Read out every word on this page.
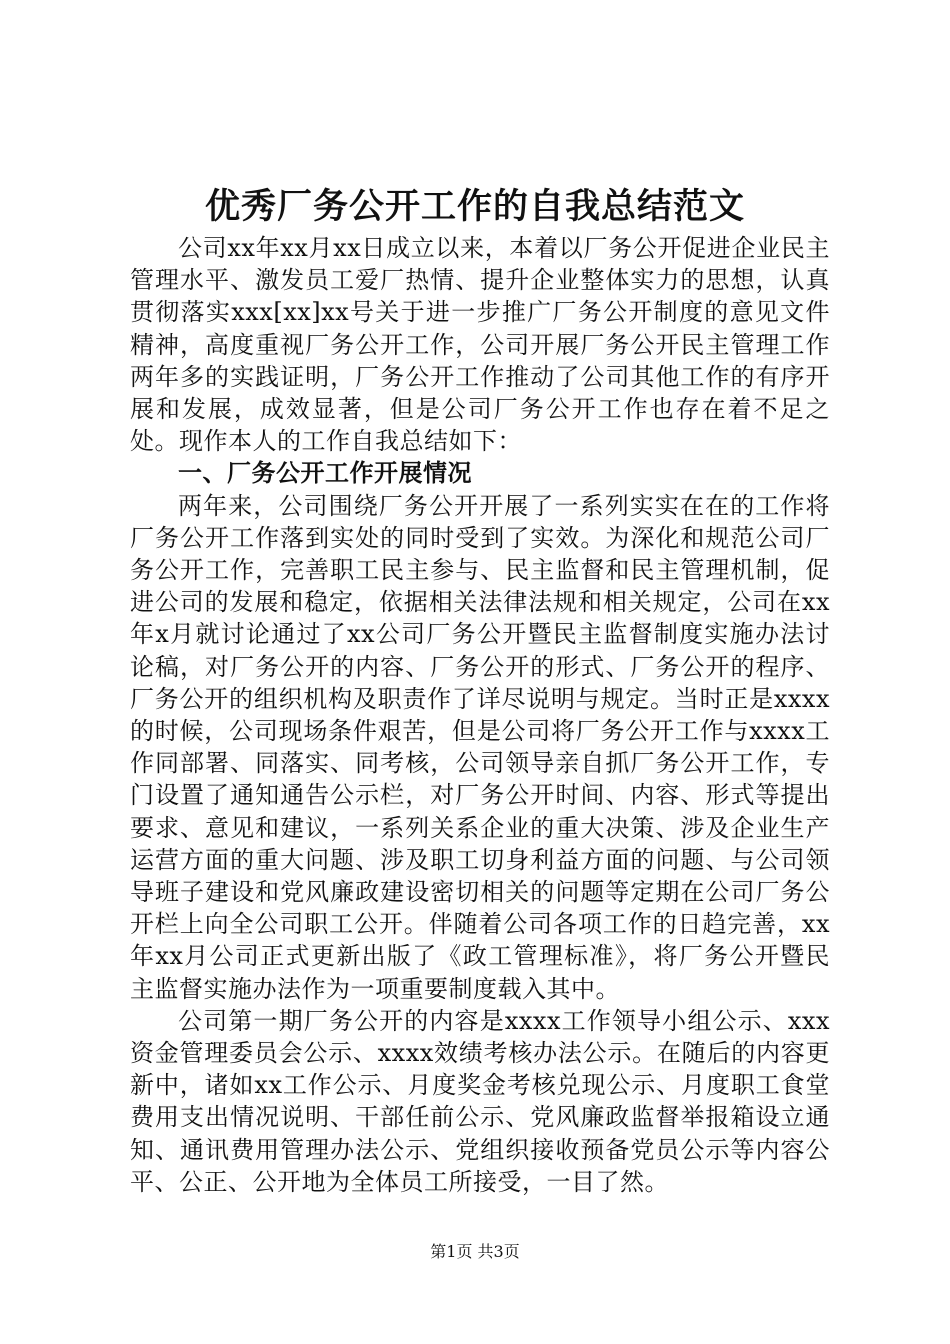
优秀厂务公开工作的自我总结范文

公司xx年xx月xx日成立以来，本着以厂务公开促进企业民主管理水平、激发员工爱厂热情、提升企业整体实力的思想，认真贯彻落实xxx[xx]xx号关于进一步推广厂务公开制度的意见文件精神，高度重视厂务公开工作，公司开展厂务公开民主管理工作两年多的实践证明，厂务公开工作推动了公司其他工作的有序开展和发展，成效显著，但是公司厂务公开工作也存在着不足之处。现作本人的工作自我总结如下：

一、厂务公开工作开展情况

两年来，公司围绕厂务公开开展了一系列实实在在的工作将厂务公开工作落到实处的同时受到了实效。为深化和规范公司厂务公开工作，完善职工民主参与、民主监督和民主管理机制，促进公司的发展和稳定，依据相关法律法规和相关规定，公司在xx年x月就讨论通过了xx公司厂务公开暨民主监督制度实施办法讨论稿，对厂务公开的内容、厂务公开的形式、厂务公开的程序、厂务公开的组织机构及职责作了详尽说明与规定。当时正是xxxx的时候，公司现场条件艰苦，但是公司将厂务公开工作与xxxx工作同部署、同落实、同考核，公司领导亲自抓厂务公开工作，专门设置了通知通告公示栏，对厂务公开时间、内容、形式等提出要求、意见和建议，一系列关系企业的重大决策、涉及企业生产运营方面的重大问题、涉及职工切身利益方面的问题、与公司领导班子建设和党风廉政建设密切相关的问题等定期在公司厂务公开栏上向全公司职工公开。伴随着公司各项工作的日趋完善，xx年xx月公司正式更新出版了《政工管理标准》，将厂务公开暨民主监督实施办法作为一项重要制度载入其中。

公司第一期厂务公开的内容是xxxx工作领导小组公示、xxx资金管理委员会公示、xxxx效绩考核办法公示。在随后的内容更新中，诸如xx工作公示、月度奖金考核兑现公示、月度职工食堂费用支出情况说明、干部任前公示、党风廉政监督举报箱设立通知、通讯费用管理办法公示、党组织接收预备党员公示等内容公平、公正、公开地为全体员工所接受，一目了然。

第1页 共3页
